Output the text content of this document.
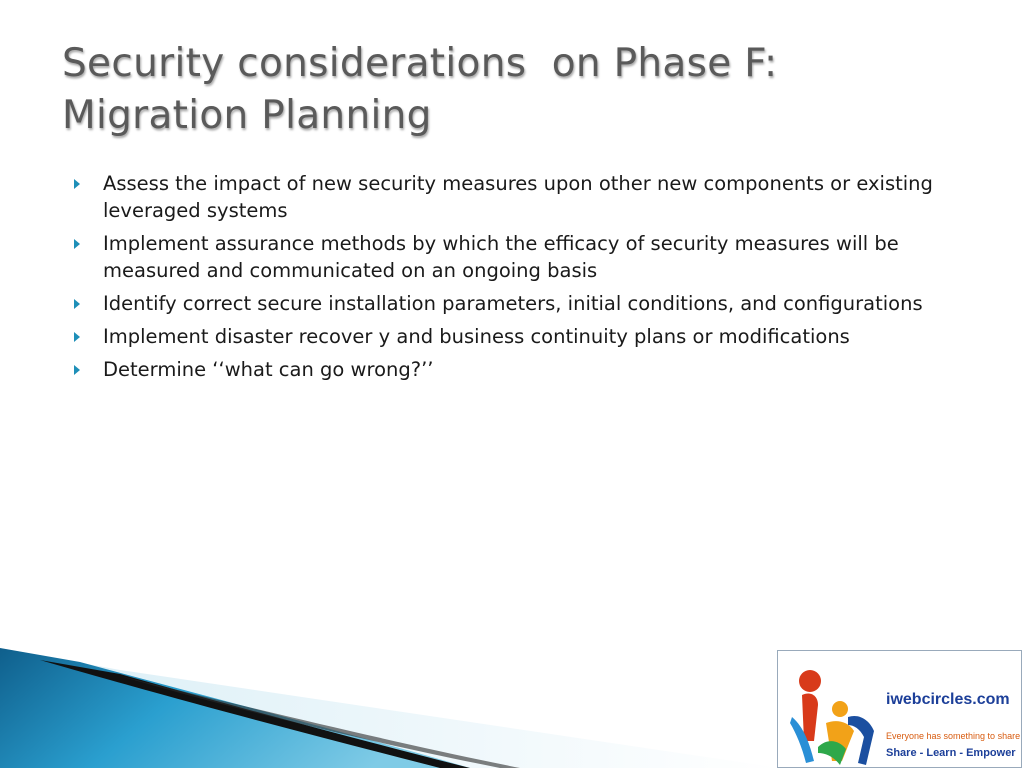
Security considerations  on Phase F:
Migration Planning
Assess the impact of new security measures upon other new components or existing leveraged systems
Implement assurance methods by which the efficacy of security measures will be measured and communicated on an ongoing basis
Identify correct secure installation parameters, initial conditions, and configurations
Implement disaster recover y and business continuity plans or modifications
Determine ‘‘what can go wrong?’’
iwebcircles.com
Everyone has something to share
Share - Learn - Empower
